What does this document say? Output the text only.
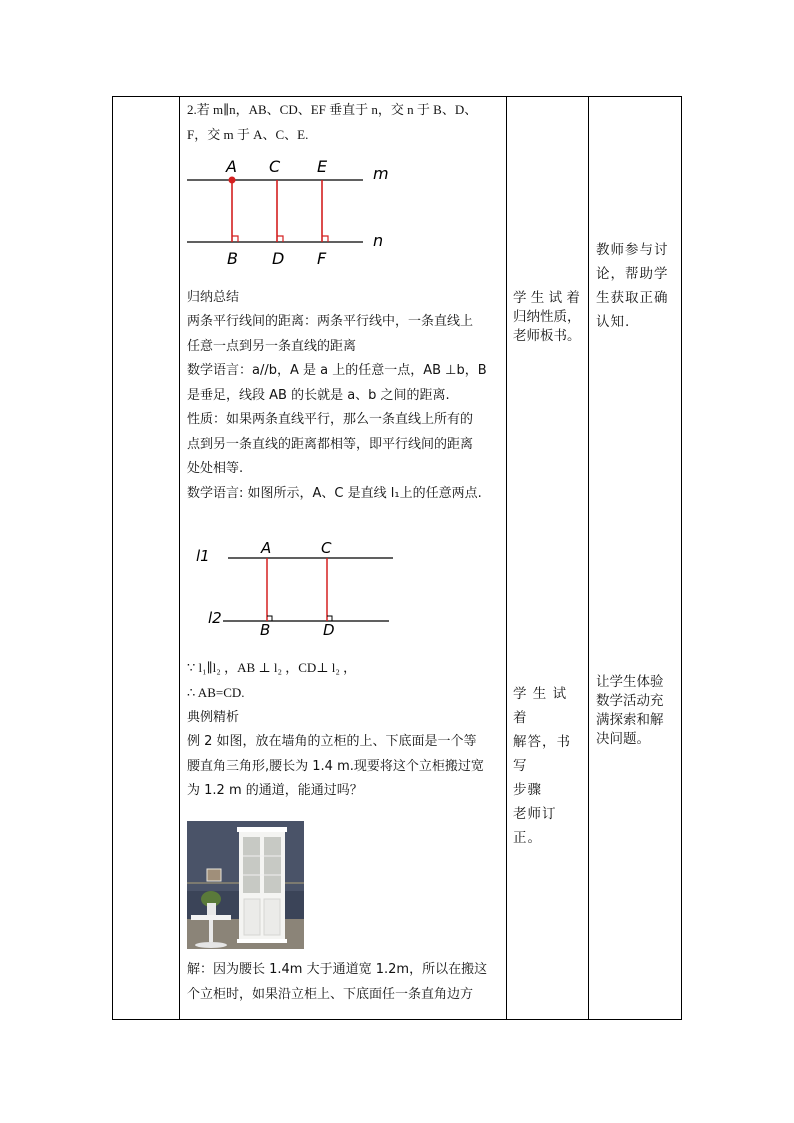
2.若 m∥n，AB、CD、EF 垂直于 n，交 n 于 B、D、

F，交 m 于 A、C、E.

A C E
B D F
m
n

归纳总结

两条平行线间的距离：两条平行线中，一条直线上

任意一点到另一条直线的距离

数学语言：a//b，A 是 a 上的任意一点，AB ⊥b，B

是垂足，线段 AB 的长就是 a、b 之间的距离.

性质：如果两条直线平行，那么一条直线上所有的

点到另一条直线的距离都相等，即平行线间的距离

处处相等.

数学语言: 如图所示，A、C 是直线 l₁上的任意两点.

l1
l2
A	C
B	D

∵ l₁∥l₂ ，AB ⊥ l₂ ，CD⊥ l₂ ，

∴ AB=CD.

典例精析

例 2 如图，放在墙角的立柜的上、下底面是一个等

腰直角三角形,腰长为 1.4 m.现要将这个立柜搬过宽

为 1.2 m 的通道，能通过吗？

解：因为腰长 1.4m 大于通道宽 1.2m，所以在搬这

个立柜时，如果沿立柜上、下底面任一条直角边方

学 生 试 着

归纳性质，

老师板书。

学 生 试 着

解答，书写

步骤

老师订正。

教师参与讨

论，帮助学

生获取正确

认知.

让学生体验

数学活动充

满探索和解

决问题。
